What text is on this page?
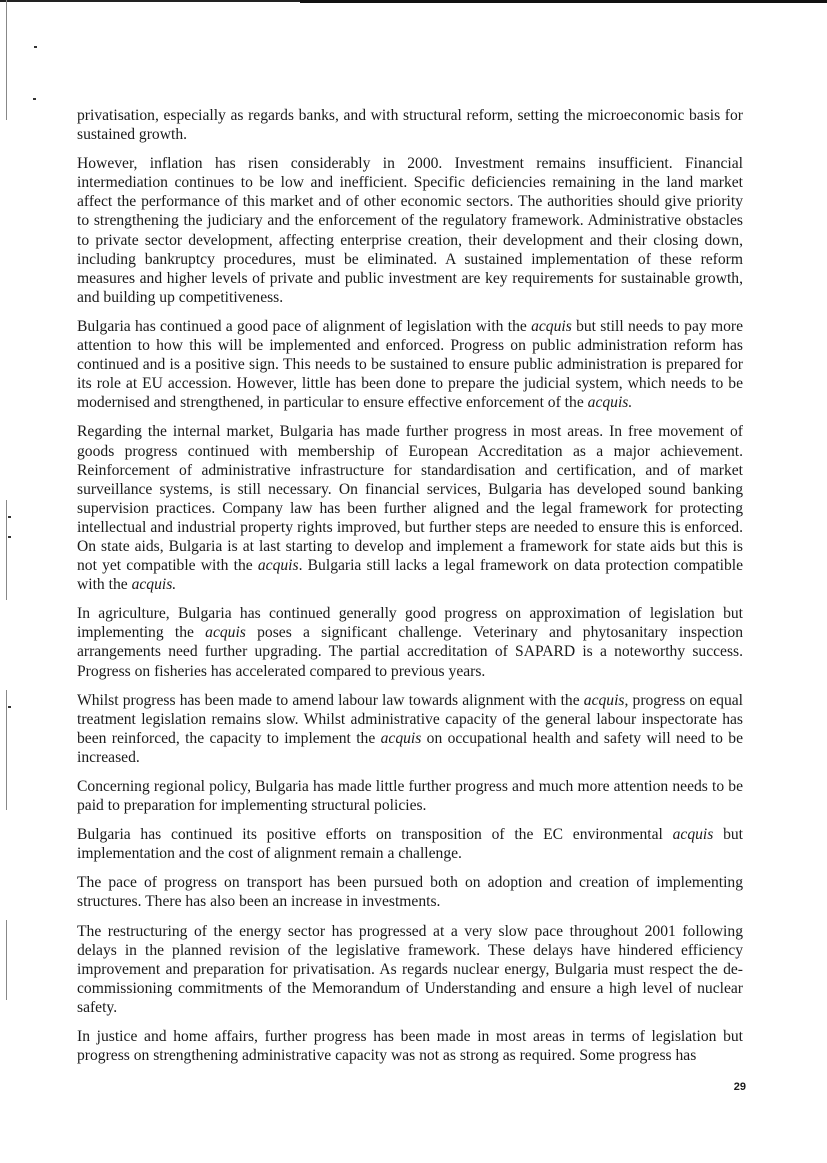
privatisation, especially as regards banks, and with structural reform, setting the microeconomic basis for sustained growth.

However, inflation has risen considerably in 2000. Investment remains insufficient. Financial intermediation continues to be low and inefficient. Specific deficiencies remaining in the land market affect the performance of this market and of other economic sectors. The authorities should give priority to strengthening the judiciary and the enforcement of the regulatory framework. Administrative obstacles to private sector development, affecting enterprise creation, their development and their closing down, including bankruptcy procedures, must be eliminated. A sustained implementation of these reform measures and higher levels of private and public investment are key requirements for sustainable growth, and building up competitiveness.

Bulgaria has continued a good pace of alignment of legislation with the acquis but still needs to pay more attention to how this will be implemented and enforced. Progress on public administration reform has continued and is a positive sign. This needs to be sustained to ensure public administration is prepared for its role at EU accession. However, little has been done to prepare the judicial system, which needs to be modernised and strengthened, in particular to ensure effective enforcement of the acquis.

Regarding the internal market, Bulgaria has made further progress in most areas. In free movement of goods progress continued with membership of European Accreditation as a major achievement. Reinforcement of administrative infrastructure for standardisation and certification, and of market surveillance systems, is still necessary. On financial services, Bulgaria has developed sound banking supervision practices. Company law has been further aligned and the legal framework for protecting intellectual and industrial property rights improved, but further steps are needed to ensure this is enforced. On state aids, Bulgaria is at last starting to develop and implement a framework for state aids but this is not yet compatible with the acquis. Bulgaria still lacks a legal framework on data protection compatible with the acquis.

In agriculture, Bulgaria has continued generally good progress on approximation of legislation but implementing the acquis poses a significant challenge. Veterinary and phytosanitary inspection arrangements need further upgrading. The partial accreditation of SAPARD is a noteworthy success. Progress on fisheries has accelerated compared to previous years.

Whilst progress has been made to amend labour law towards alignment with the acquis, progress on equal treatment legislation remains slow. Whilst administrative capacity of the general labour inspectorate has been reinforced, the capacity to implement the acquis on occupational health and safety will need to be increased.

Concerning regional policy, Bulgaria has made little further progress and much more attention needs to be paid to preparation for implementing structural policies.

Bulgaria has continued its positive efforts on transposition of the EC environmental acquis but implementation and the cost of alignment remain a challenge.

The pace of progress on transport has been pursued both on adoption and creation of implementing structures. There has also been an increase in investments.

The restructuring of the energy sector has progressed at a very slow pace throughout 2001 following delays in the planned revision of the legislative framework. These delays have hindered efficiency improvement and preparation for privatisation. As regards nuclear energy, Bulgaria must respect the de-commissioning commitments of the Memorandum of Understanding and ensure a high level of nuclear safety.

In justice and home affairs, further progress has been made in most areas in terms of legislation but progress on strengthening administrative capacity was not as strong as required. Some progress has

29
